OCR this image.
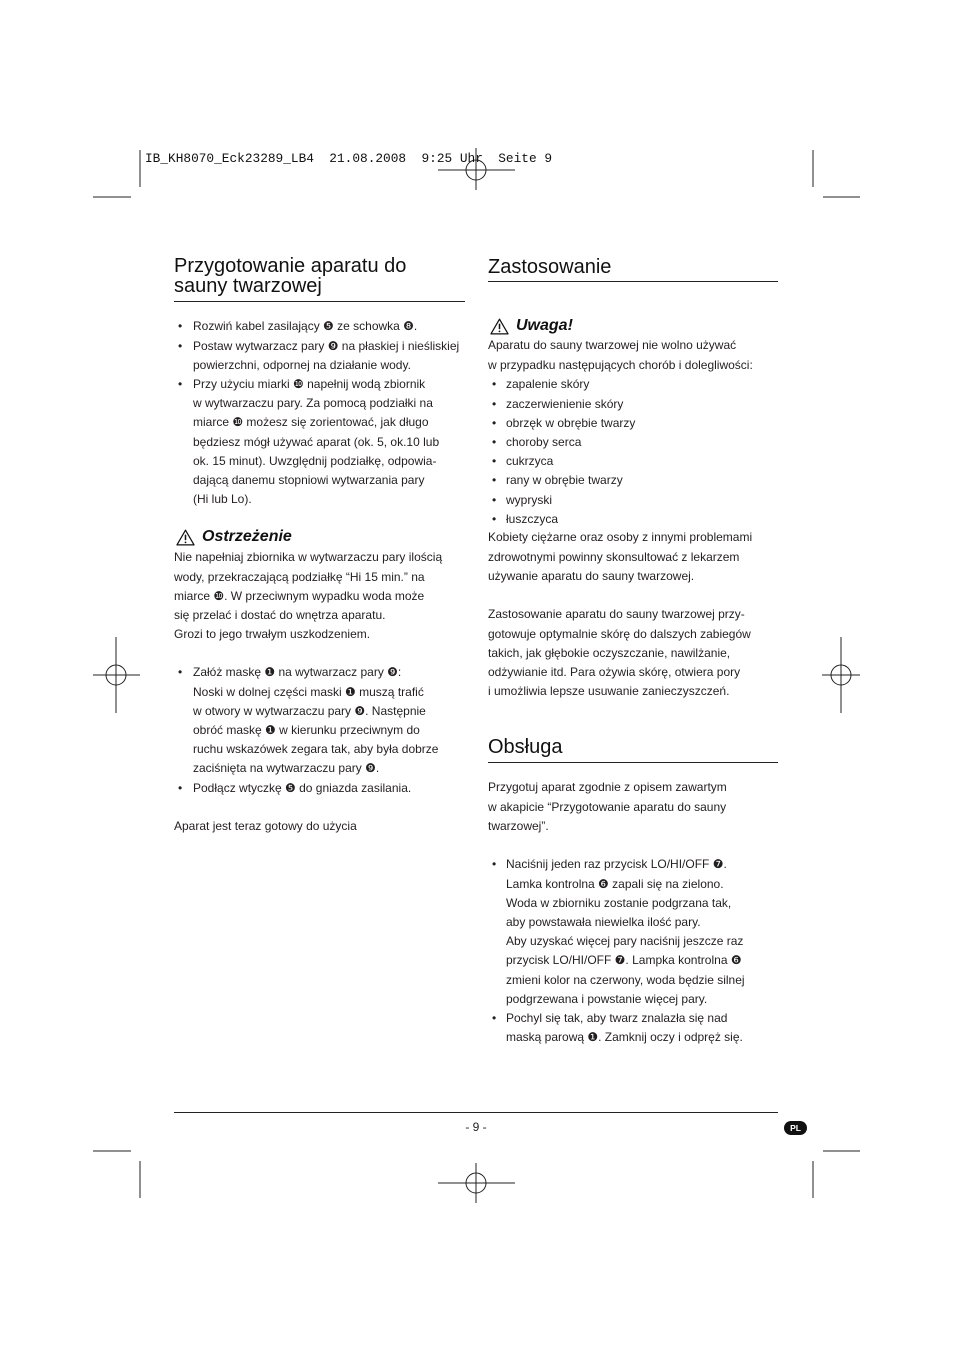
IB_KH8070_Eck23289_LB4  21.08.2008  9:25 Uhr  Seite 9
Przygotowanie aparatu do
sauny twarzowej
• Rozwiń kabel zasilający ❺ ze schowka ❽.
• Postaw wytwarzacz pary ❾ na płaskiej i nieśliskiej
powierzchni, odpornej na działanie wody.
• Przy użyciu miarki ❿ napełnij wodą zbiornik
w wytwarzaczu pary. Za pomocą podziałki na
miarce ❿ możesz się zorientować, jak długo
będziesz mógł używać aparat (ok. 5, ok.10 lub
ok. 15 minut). Uwzględnij podziałkę, odpowia-
dającą danemu stopniowi wytwarzania pary
(Hi lub Lo).
Ostrzeżenie
Nie napełniaj zbiornika w wytwarzaczu pary ilością
wody, przekraczającą podziałkę “Hi 15 min.” na
miarce ❿. W przeciwnym wypadku woda może
się przelać i dostać do wnętrza aparatu.
Grozi to jego trwałym uszkodzeniem.
• Załóż maskę ❶ na wytwarzacz pary ❾:
Noski w dolnej części maski ❶ muszą trafić
w otwory w wytwarzaczu pary ❾. Następnie
obróć maskę ❶ w kierunku przeciwnym do
ruchu wskazówek zegara tak, aby była dobrze
zaciśnięta na wytwarzaczu pary ❾.
• Podłącz wtyczkę ❺ do gniazda zasilania.
Aparat jest teraz gotowy do użycia
Zastosowanie
Uwaga!
Aparatu do sauny twarzowej nie wolno używać
w przypadku następujących chorób i dolegliwości:
• zapalenie skóry
• zaczerwienienie skóry
• obrzęk w obrębie twarzy
• choroby serca
• cukrzyca
• rany w obrębie twarzy
• wypryski
• łuszczyca
Kobiety ciężarne oraz osoby z innymi problemami
zdrowotnymi powinny skonsultować z lekarzem
używanie aparatu do sauny twarzowej.
Zastosowanie aparatu do sauny twarzowej przy-
gotowuje optymalnie skórę do dalszych zabiegów
takich, jak głębokie oczyszczanie, nawilżanie,
odżywianie itd. Para ożywia skórę, otwiera pory
i umożliwia lepsze usuwanie zanieczyszczeń.
Obsługa
Przygotuj aparat zgodnie z opisem zawartym
w akapicie “Przygotowanie aparatu do sauny
twarzowej”.
• Naciśnij jeden raz przycisk LO/HI/OFF ❼.
Lamka kontrolna ❻ zapali się na zielono.
Woda w zbiorniku zostanie podgrzana tak,
aby powstawała niewielka ilość pary.
Aby uzyskać więcej pary naciśnij jeszcze raz
przycisk LO/HI/OFF ❼. Lampka kontrolna ❻
zmieni kolor na czerwony, woda będzie silnej
podgrzewana i powstanie więcej pary.
• Pochyl się tak, aby twarz znalazła się nad
maską parową ❶. Zamknij oczy i odpręż się.
- 9 -	PL
